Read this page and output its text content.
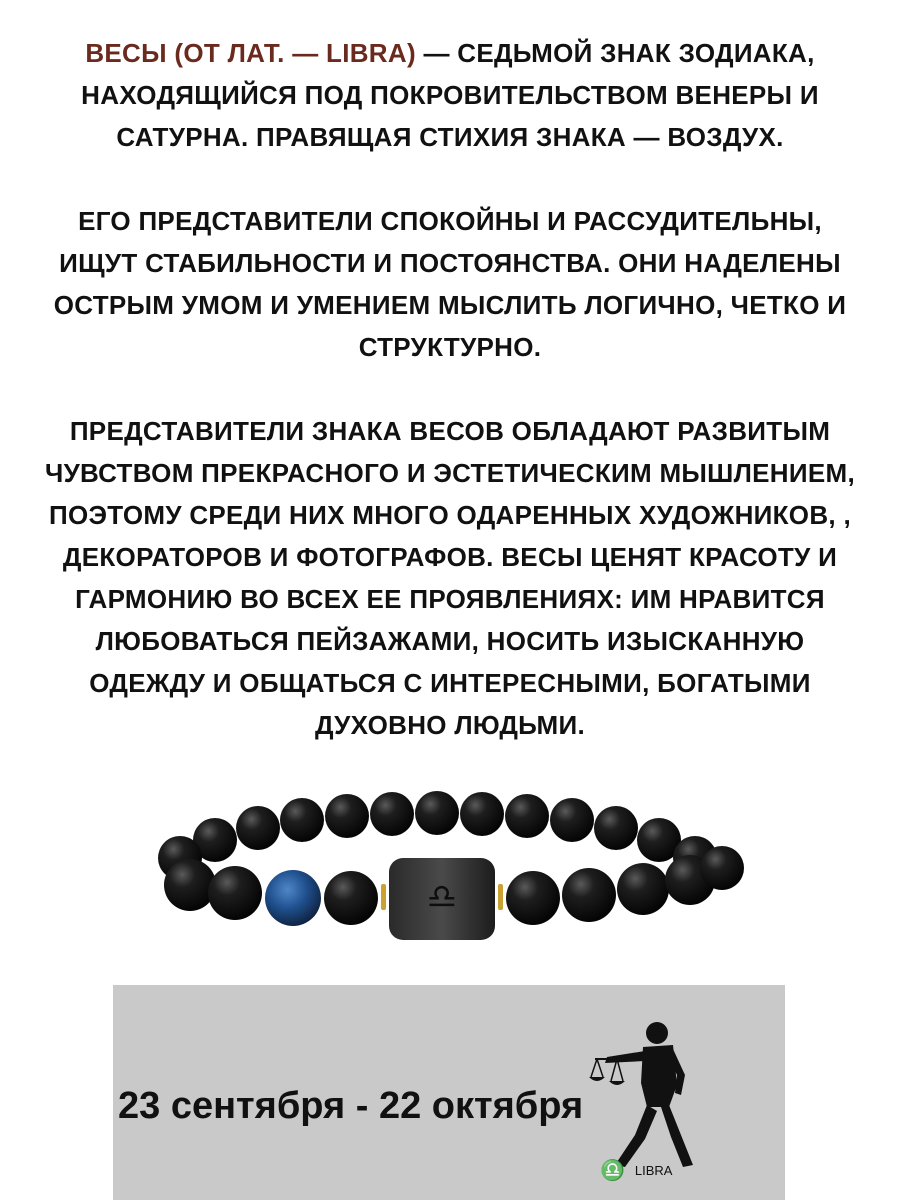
ВЕСЫ (ОТ ЛАТ. — LIBRA) — СЕДЬМОЙ ЗНАК ЗОДИАКА, НАХОДЯЩИЙСЯ ПОД ПОКРОВИТЕЛЬСТВОМ ВЕНЕРЫ И САТУРНА. ПРАВЯЩАЯ СТИХИЯ ЗНАКА — ВОЗДУХ.
ЕГО ПРЕДСТАВИТЕЛИ СПОКОЙНЫ И РАССУДИТЕЛЬНЫ, ИЩУТ СТАБИЛЬНОСТИ И ПОСТОЯНСТВА. ОНИ НАДЕЛЕНЫ ОСТРЫМ УМОМ И УМЕНИЕМ МЫСЛИТЬ ЛОГИЧНО, ЧЕТКО И СТРУКТУРНО.
ПРЕДСТАВИТЕЛИ ЗНАКА ВЕСОВ ОБЛАДАЮТ РАЗВИТЫМ ЧУВСТВОМ ПРЕКРАСНОГО И ЭСТЕТИЧЕСКИМ МЫШЛЕНИЕМ, ПОЭТОМУ СРЕДИ НИХ МНОГО ОДАРЕННЫХ ХУДОЖНИКОВ, , ДЕКОРАТОРОВ И ФОТОГРАФОВ. ВЕСЫ ЦЕНЯТ КРАСОТУ И ГАРМОНИЮ ВО ВСЕХ ЕЕ ПРОЯВЛЕНИЯХ: ИМ НРАВИТСЯ ЛЮБОВАТЬСЯ ПЕЙЗАЖАМИ, НОСИТЬ ИЗЫСКАННУЮ ОДЕЖДУ И ОБЩАТЬСЯ С ИНТЕРЕСНЫМИ, БОГАТЫМИ ДУХОВНО ЛЮДЬМИ.
♎
23 сентября - 22 октября
♎ LIBRA
